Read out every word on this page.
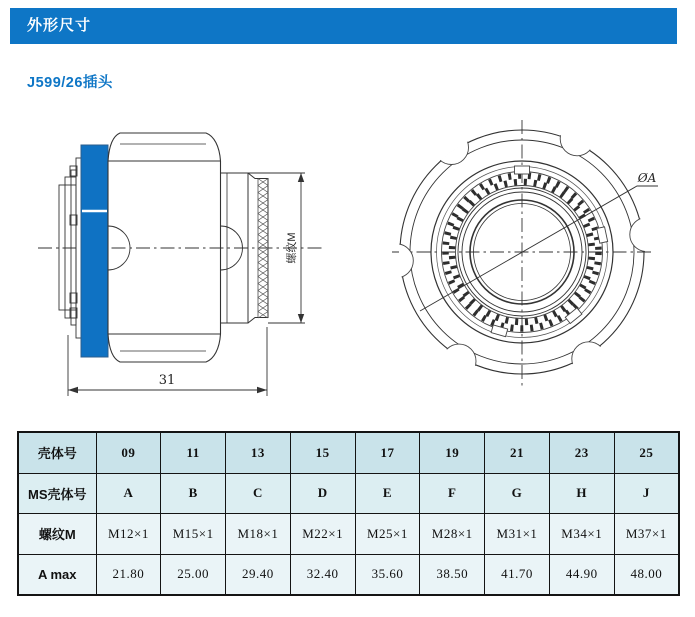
外形尺寸
J599/26插头
螺纹M
31
ØA
壳体号	09	11	13	15	17	19	21	23	25
MS壳体号	A	B	C	D	E	F	G	H	J
螺纹M	M12×1	M15×1	M18×1	M22×1	M25×1	M28×1	M31×1	M34×1	M37×1
A max	21.80	25.00	29.40	32.40	35.60	38.50	41.70	44.90	48.00
